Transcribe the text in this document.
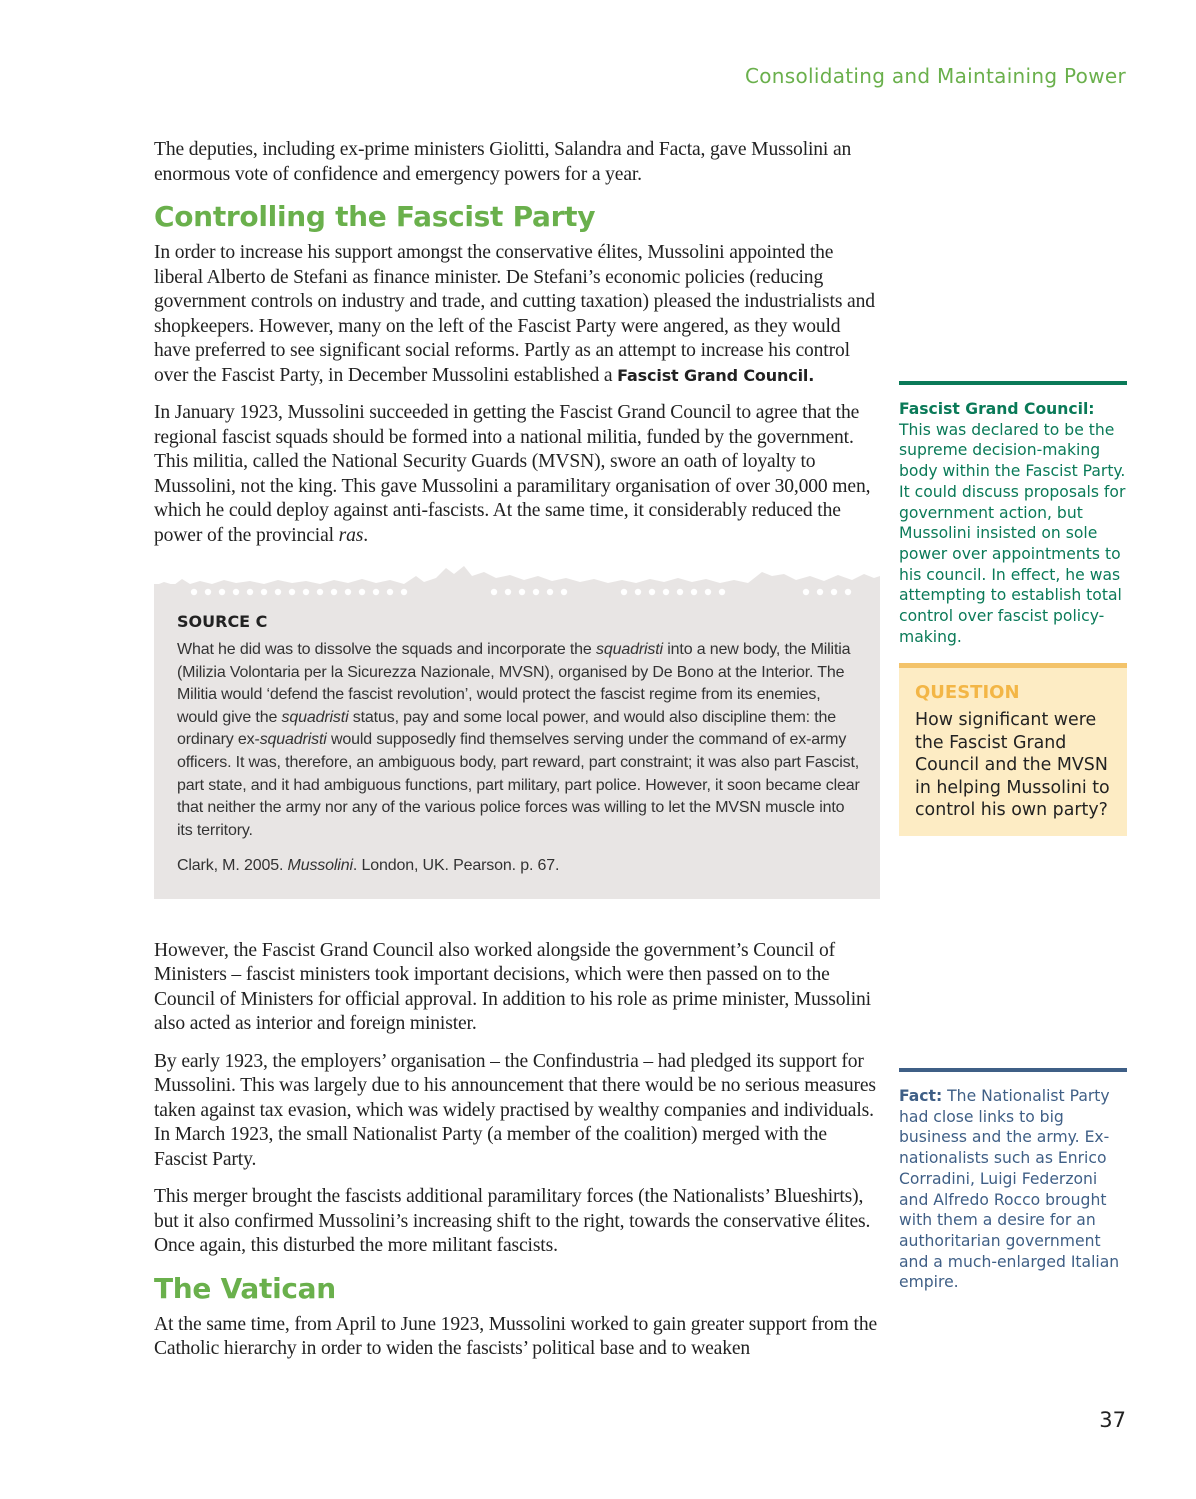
Consolidating and Maintaining Power

The deputies, including ex-prime ministers Giolitti, Salandra and Facta, gave Mussolini an enormous vote of confidence and emergency powers for a year.

Controlling the Fascist Party

In order to increase his support amongst the conservative élites, Mussolini appointed the liberal Alberto de Stefani as finance minister. De Stefani’s economic policies (reducing government controls on industry and trade, and cutting taxation) pleased the industrialists and shopkeepers. However, many on the left of the Fascist Party were angered, as they would have preferred to see significant social reforms. Partly as an attempt to increase his control over the Fascist Party, in December Mussolini established a Fascist Grand Council.

In January 1923, Mussolini succeeded in getting the Fascist Grand Council to agree that the regional fascist squads should be formed into a national militia, funded by the government. This militia, called the National Security Guards (MVSN), swore an oath of loyalty to Mussolini, not the king. This gave Mussolini a paramilitary organisation of over 30,000 men, which he could deploy against anti-fascists. At the same time, it considerably reduced the power of the provincial ras.

SOURCE C

What he did was to dissolve the squads and incorporate the squadristi into a new body, the Militia (Milizia Volontaria per la Sicurezza Nazionale, MVSN), organised by De Bono at the Interior. The Militia would ‘defend the fascist revolution’, would protect the fascist regime from its enemies, would give the squadristi status, pay and some local power, and would also discipline them: the ordinary ex-squadristi would supposedly find themselves serving under the command of ex-army officers. It was, therefore, an ambiguous body, part reward, part constraint; it was also part Fascist, part state, and it had ambiguous functions, part military, part police. However, it soon became clear that neither the army nor any of the various police forces was willing to let the MVSN muscle into its territory.

Clark, M. 2005. Mussolini. London, UK. Pearson. p. 67.

However, the Fascist Grand Council also worked alongside the government’s Council of Ministers – fascist ministers took important decisions, which were then passed on to the Council of Ministers for official approval. In addition to his role as prime minister, Mussolini also acted as interior and foreign minister.

By early 1923, the employers’ organisation – the Confindustria – had pledged its support for Mussolini. This was largely due to his announcement that there would be no serious measures taken against tax evasion, which was widely practised by wealthy companies and individuals. In March 1923, the small Nationalist Party (a member of the coalition) merged with the Fascist Party.

This merger brought the fascists additional paramilitary forces (the Nationalists’ Blueshirts), but it also confirmed Mussolini’s increasing shift to the right, towards the conservative élites. Once again, this disturbed the more militant fascists.

The Vatican

At the same time, from April to June 1923, Mussolini worked to gain greater support from the Catholic hierarchy in order to widen the fascists’ political base and to weaken

Fascist Grand Council: This was declared to be the supreme decision-making body within the Fascist Party. It could discuss proposals for government action, but Mussolini insisted on sole power over appointments to his council. In effect, he was attempting to establish total control over fascist policy-making.
QUESTION
How significant were the Fascist Grand Council and the MVSN in helping Mussolini to control his own party?
Fact: The Nationalist Party had close links to big business and the army. Ex-nationalists such as Enrico Corradini, Luigi Federzoni and Alfredo Rocco brought with them a desire for an authoritarian government and a much-enlarged Italian empire.
37
